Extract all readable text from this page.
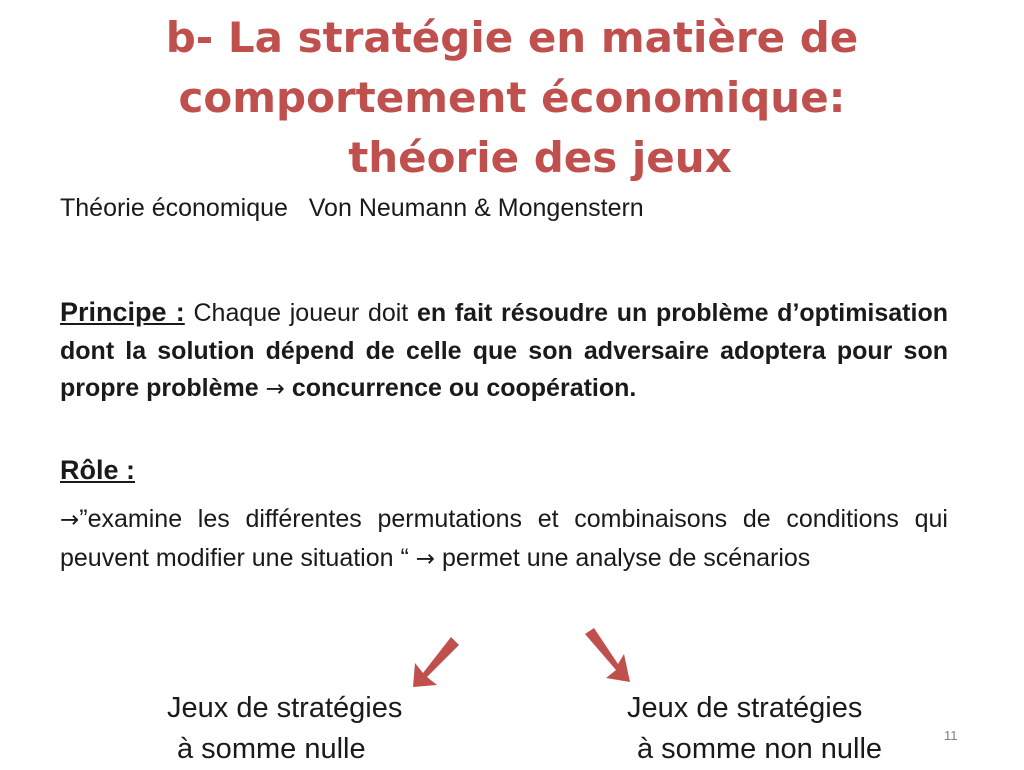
b- La stratégie en matière de
comportement économique:
théorie des jeux
Théorie économique Von Neumann & Mongenstern
Principe : Chaque joueur doit en fait résoudre un problème d’optimisation dont la solution dépend de celle que son adversaire adoptera pour son propre problème → concurrence ou coopération.
Rôle :
→”examine les différentes permutations et combinaisons de conditions qui peuvent modifier une situation “ → permet une analyse de scénarios
Jeux de stratégies
à somme nulle
Jeux de stratégies
à somme non nulle	11
